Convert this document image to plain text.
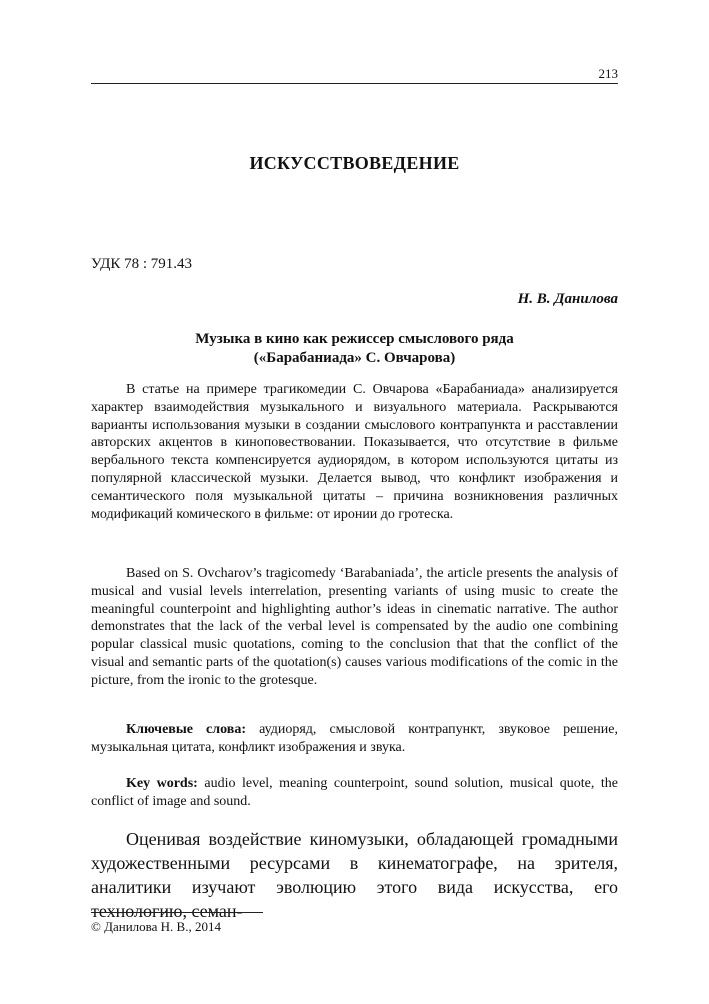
213
ИСКУССТВОВЕДЕНИЕ
УДК 78 : 791.43
Н. В. Данилова
Музыка в кино как режиссер смыслового ряда
(«Барабаниада» С. Овчарова)

В статье на примере трагикомедии С. Овчарова «Барабаниада» анализируется характер взаимодействия музыкального и визуального материала. Раскрываются варианты использования музыки в создании смыслового контрапункта и расставлении авторских акцентов в киноповествовании. Показывается, что отсутствие в фильме вербального текста компенсируется аудиорядом, в котором используются цитаты из популярной классической музыки. Делается вывод, что конфликт изображения и семантического поля музыкальной цитаты – причина возникновения различных модификаций комического в фильме: от иронии до гротеска.

Based on S. Ovcharov’s tragicomedy ‘Barabaniada’, the article presents the analysis of musical and vusial levels interrelation, presenting variants of using music to create the meaningful counterpoint and highlighting author’s ideas in cinematic narrative. The author demonstrates that the lack of the verbal level is compensated by the audio one combining popular classical music quotations, coming to the conclusion that that the conflict of the visual and semantic parts of the quotation(s) causes various modifications of the comic in the picture, from the ironic to the grotesque.

Ключевые слова: аудиоряд, смысловой контрапункт, звуковое решение, музыкальная цитата, конфликт изображения и звука.

Key words: audio level, meaning counterpoint, sound solution, musical quote, the conflict of image and sound.

Оценивая воздействие киномузыки, обладающей громадными художественными ресурсами в кинематографе, на зрителя, аналитики изучают эволюцию этого вида искусства, его технологию, семан-

© Данилова Н. В., 2014
